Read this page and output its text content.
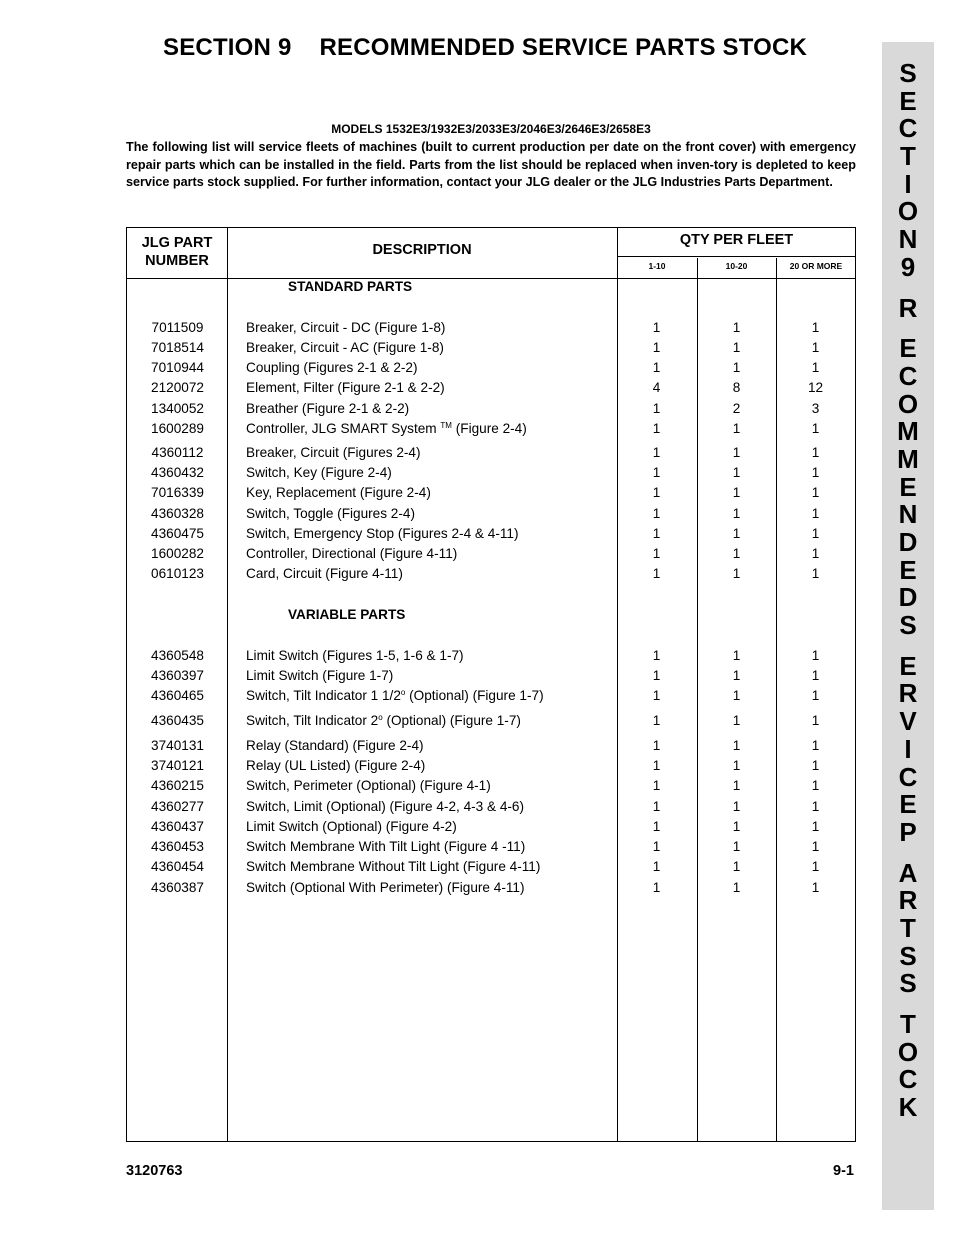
SECTION 9 RECOMMENDED SERVICE PARTS STOCK
S
E
C
T
I
O
N
9
R
E
C
O
M
M
E
N
D
E
D
S
E
R
V
I
C
E
P
A
R
T
S
S
T
O
C
K
MODELS 1532E3/1932E3/2033E3/2046E3/2646E3/2658E3
The following list will service fleets of machines (built to current production per date on the front cover) with emergency repair parts which can be installed in the field. Parts from the list should be replaced when inven-tory is depleted to keep service parts stock supplied. For further information, contact your JLG dealer or the JLG Industries Parts Department.
JLG PART NUMBER
DESCRIPTION
QTY PER FLEET
1-10	10-20	20 OR MORE
STANDARD PARTS
VARIABLE PARTS
7011509	Breaker, Circuit - DC (Figure 1-8)	1	1	1
7018514	Breaker, Circuit - AC (Figure 1-8)	1	1	1
7010944	Coupling (Figures 2-1 & 2-2)	1	1	1
2120072	Element, Filter (Figure 2-1 & 2-2)	4	8	12
1340052	Breather (Figure 2-1 & 2-2)	1	2	3
1600289	Controller, JLG SMART System ™ (Figure 2-4)	1	1	1
4360112	Breaker, Circuit (Figures 2-4)	1	1	1
4360432	Switch, Key (Figure 2-4)	1	1	1
7016339	Key, Replacement (Figure 2-4)	1	1	1
4360328	Switch, Toggle (Figures 2-4)	1	1	1
4360475	Switch, Emergency Stop (Figures 2-4 & 4-11)	1	1	1
1600282	Controller, Directional (Figure 4-11)	1	1	1
0610123	Card, Circuit (Figure 4-11)	1	1	1
4360548	Limit Switch (Figures 1-5, 1-6 & 1-7)	1	1	1
4360397	Limit Switch (Figure 1-7)	1	1	1
4360465	Switch, Tilt Indicator 1 1/2$^o$ (Optional) (Figure 1-7)	1	1	1
4360435	Switch, Tilt Indicator 2$^o$ (Optional) (Figure 1-7)	1	1	1
3740131	Relay (Standard) (Figure 2-4)	1	1	1
3740121	Relay (UL Listed) (Figure 2-4)	1	1	1
4360215	Switch, Perimeter (Optional) (Figure 4-1)	1	1	1
4360277	Switch, Limit (Optional) (Figure 4-2, 4-3 & 4-6)	1	1	1
4360437	Limit Switch (Optional) (Figure 4-2)	1	1	1
4360453	Switch Membrane With Tilt Light (Figure 4 -11)	1	1	1
4360454	Switch Membrane Without Tilt Light (Figure 4-11)	1	1	1
4360387	Switch (Optional With Perimeter) (Figure 4-11)	1	1	1
3120763	9-1
